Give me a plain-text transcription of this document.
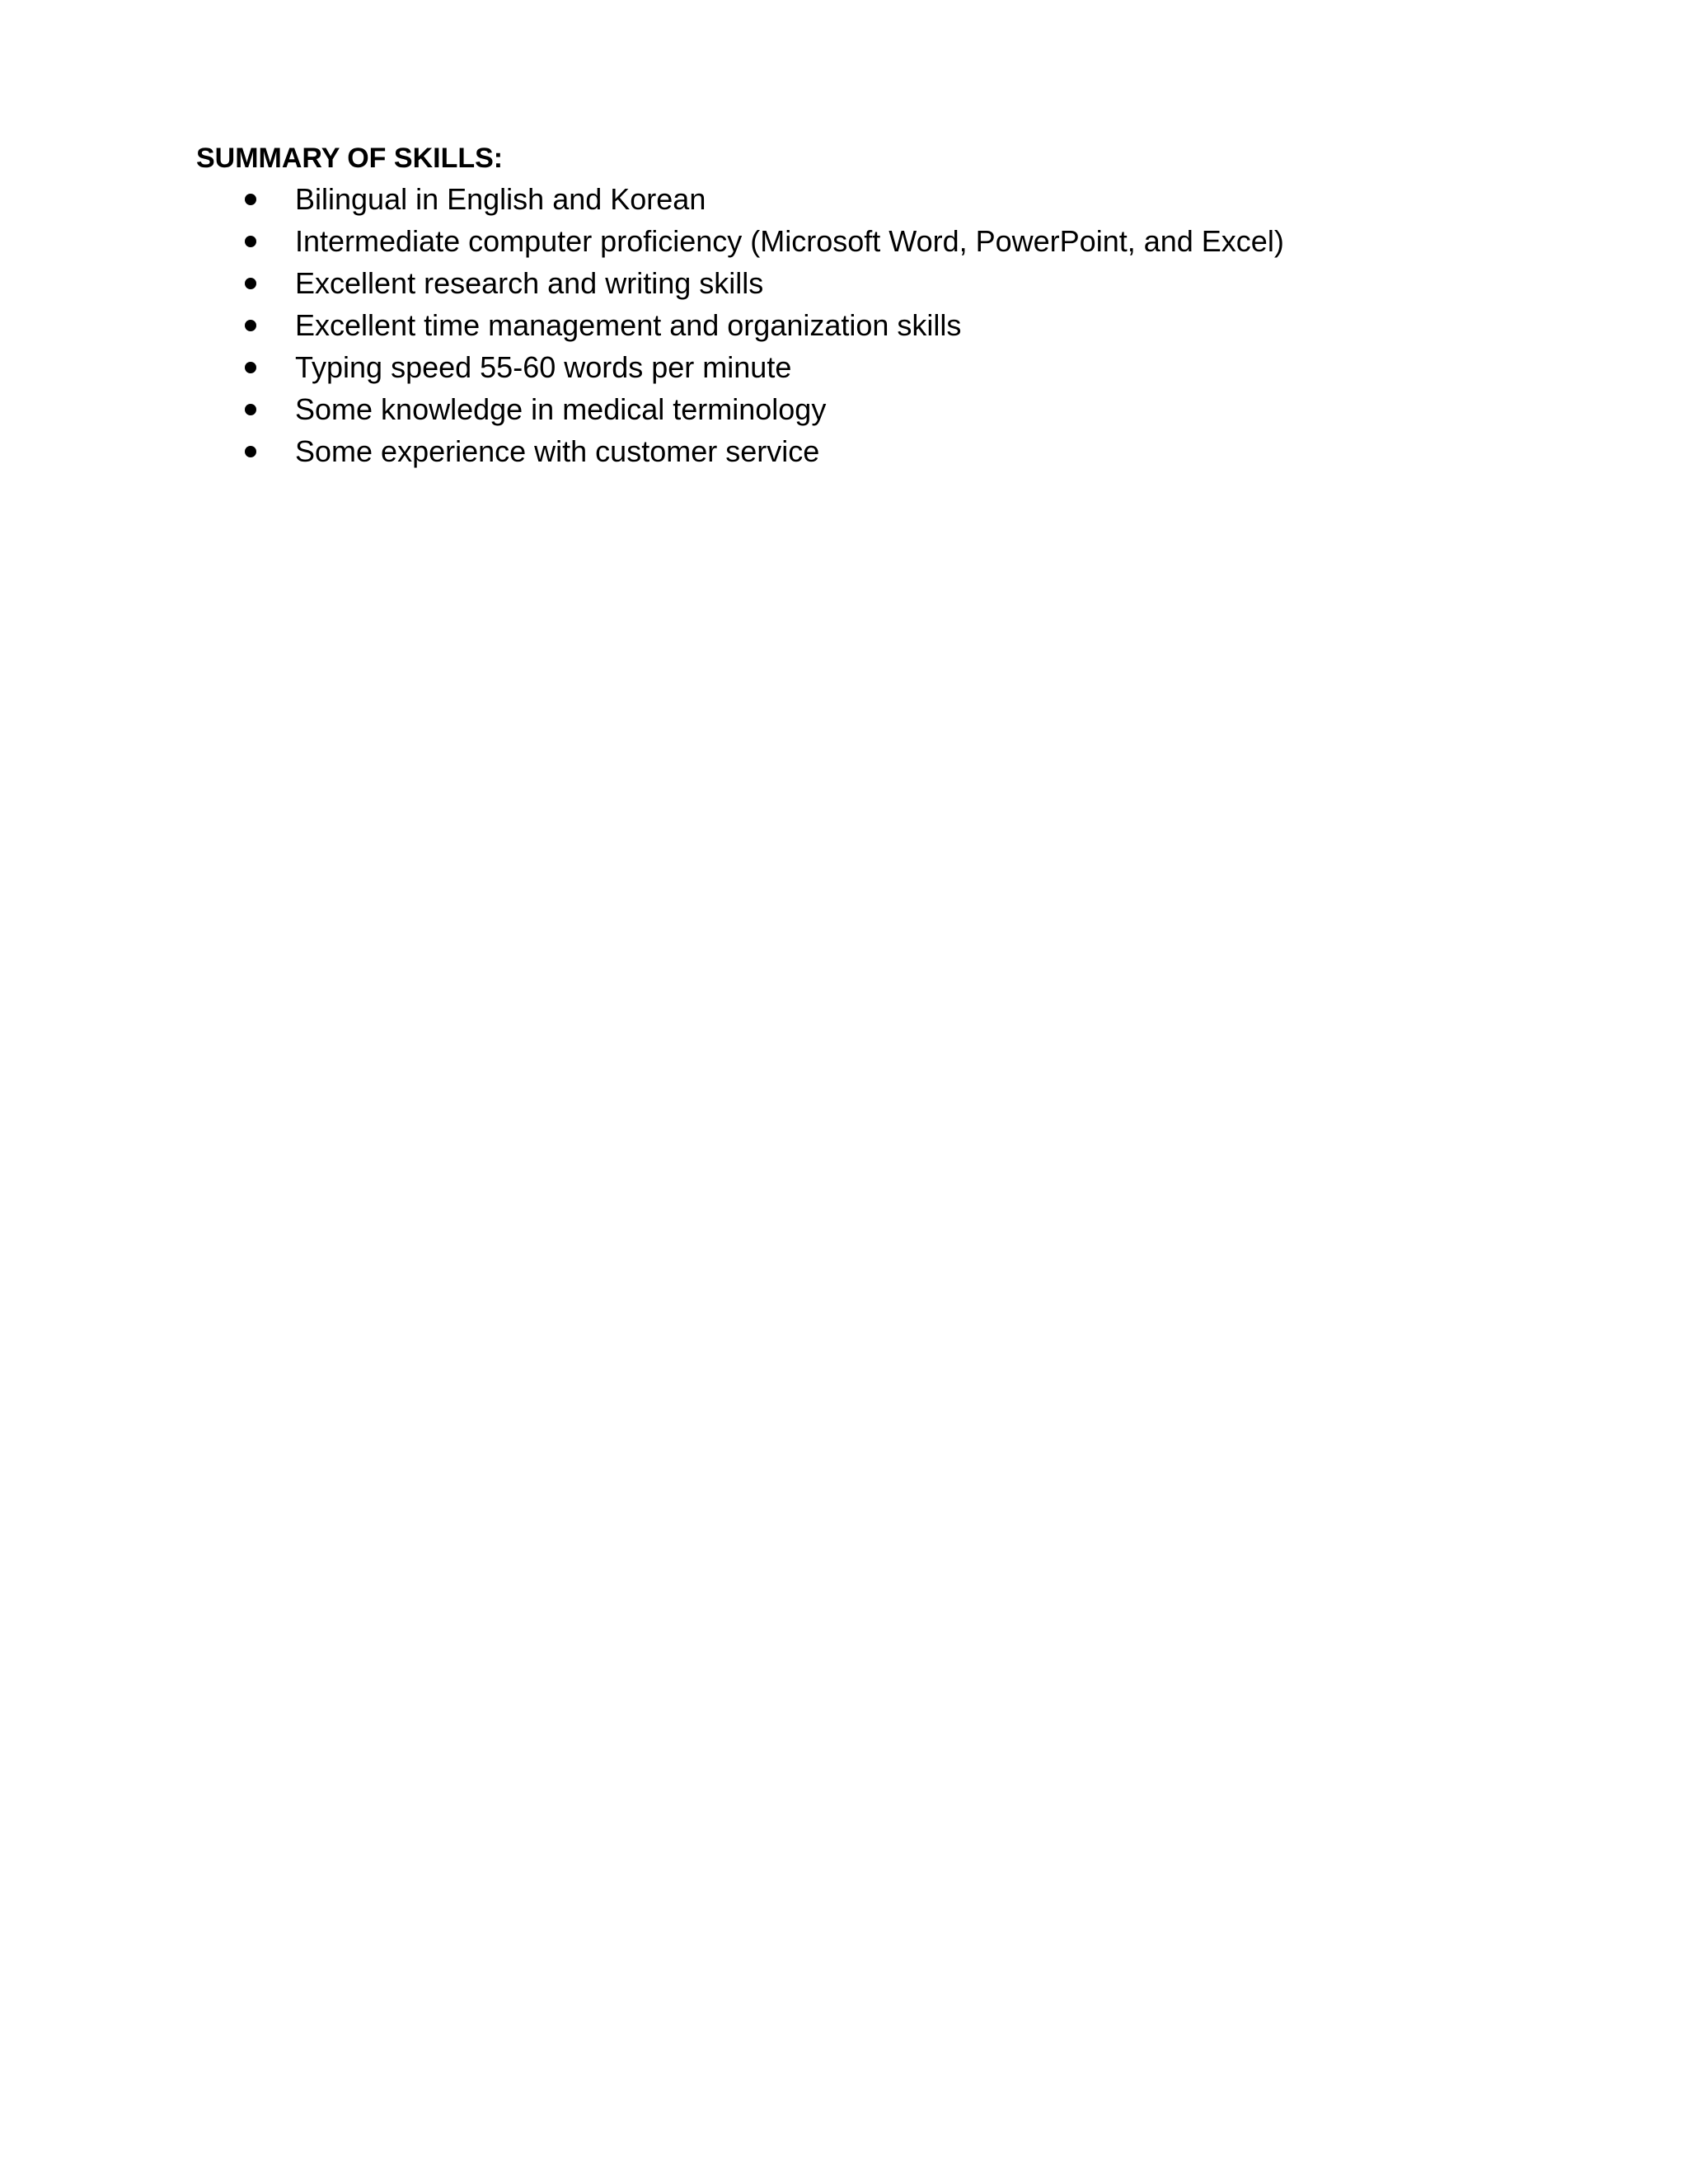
SUMMARY OF SKILLS:
Bilingual in English and Korean
Intermediate computer proficiency (Microsoft Word, PowerPoint, and Excel)
Excellent research and writing skills
Excellent time management and organization skills
Typing speed 55-60 words per minute
Some knowledge in medical terminology
Some experience with customer service
